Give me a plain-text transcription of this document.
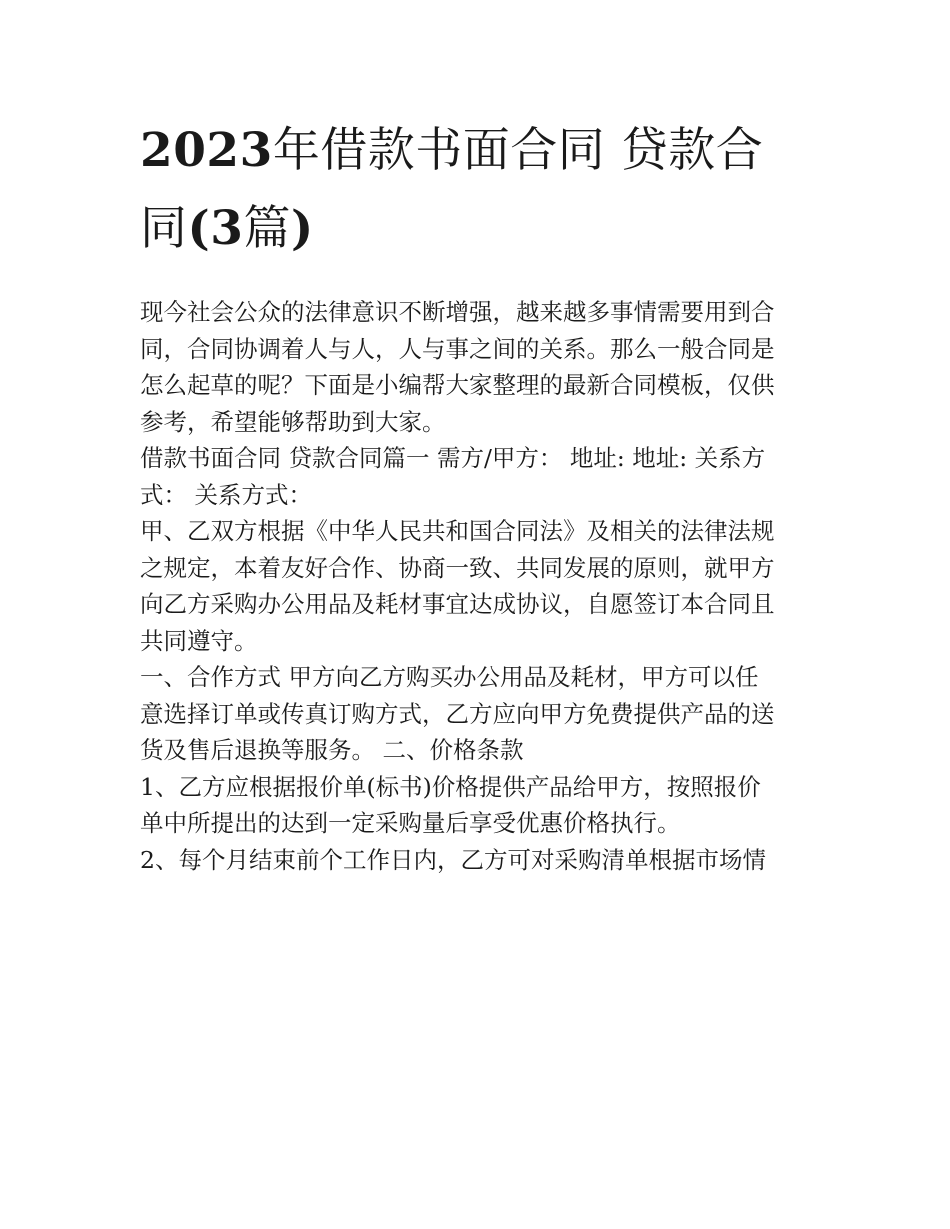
2023年借款书面合同 贷款合
同(3篇)
现今社会公众的法律意识不断增强，越来越多事情需要用到合
同，合同协调着人与人，人与事之间的关系。那么一般合同是
怎么起草的呢？下面是小编帮大家整理的最新合同模板，仅供
参考，希望能够帮助到大家。
借款书面合同 贷款合同篇一 需方/甲方： 地址: 地址: 关系方
式： 关系方式：
甲、乙双方根据《中华人民共和国合同法》及相关的法律法规
之规定，本着友好合作、协商一致、共同发展的原则，就甲方
向乙方采购办公用品及耗材事宜达成协议，自愿签订本合同且
共同遵守。
一、合作方式 甲方向乙方购买办公用品及耗材，甲方可以任
意选择订单或传真订购方式，乙方应向甲方免费提供产品的送
货及售后退换等服务。 二、价格条款
1、乙方应根据报价单(标书)价格提供产品给甲方，按照报价
单中所提出的达到一定采购量后享受优惠价格执行。
2、每个月结束前个工作日内，乙方可对采购清单根据市场情
